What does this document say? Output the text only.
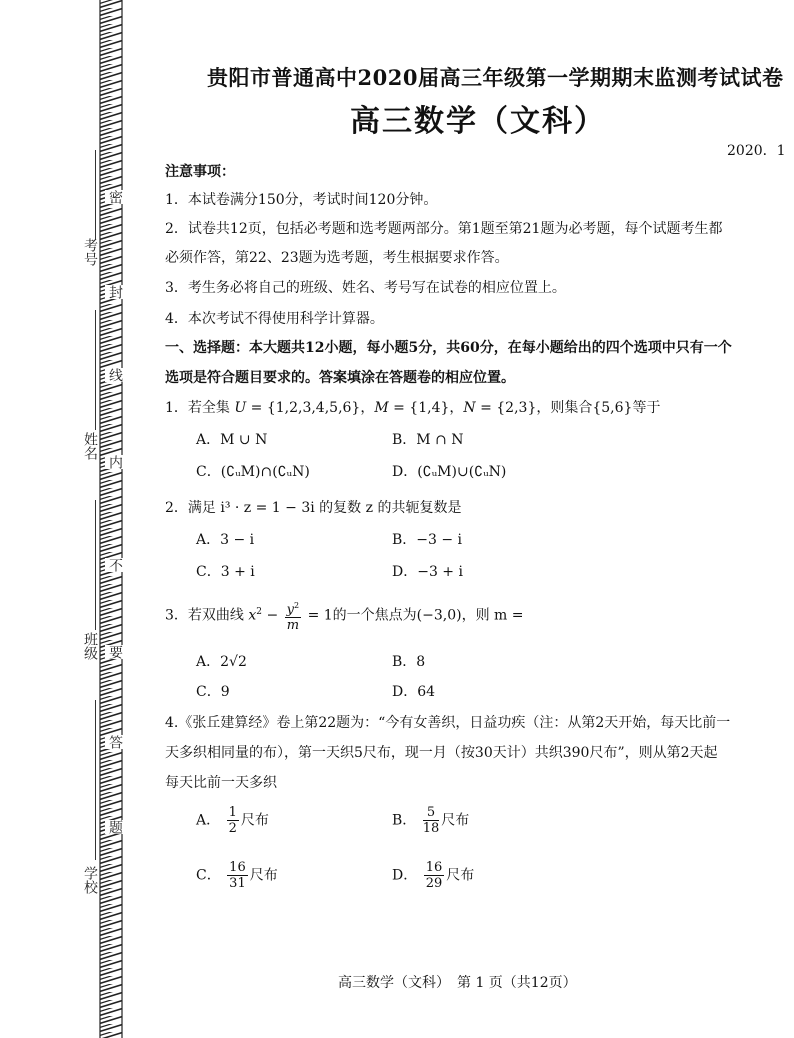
考号
姓名
班级
学校
密
封
线
内
不
要
答
题
贵阳市普通高中2020届高三年级第一学期期末监测考试试卷
高三数学（文科）
2020．1
注意事项：
1．本试卷满分150分，考试时间120分钟。
2．试卷共12页，包括必考题和选考题两部分。第1题至第21题为必考题，每个试题考生都
必须作答，第22、23题为选考题，考生根据要求作答。
3．考生务必将自己的班级、姓名、考号写在试卷的相应位置上。
4．本次考试不得使用科学计算器。
一、选择题：本大题共12小题，每小题5分，共60分，在每小题给出的四个选项中只有一个
选项是符合题目要求的。答案填涂在答题卷的相应位置。
1．若全集 U = {1,2,3,4,5,6}，M = {1,4}，N = {2,3}，则集合{5,6}等于
A．M ∪ N	B．M ∩ N
C．(∁ᵤM)∩(∁ᵤN)	D．(∁ᵤM)∪(∁ᵤN)
2．满足 i³ · z = 1 − 3i 的复数 z 的共轭复数是
A．3 − i	B．−3 − i
C．3 + i	D．−3 + i
3．若双曲线 $x^2 - \frac{y^2}{m} = 1$的一个焦点为(−3,0)，则 m =
A．2√2	B．8
C．9	D．64
4.《张丘建算经》卷上第22题为：“今有女善织，日益功疾（注：从第2天开始，每天比前一
天多织相同量的布），第一天织5尺布，现一月（按30天计）共织390尺布”，则从第2天起
每天比前一天多织
A． $\frac{1}{2}$ 尺布	B． $\frac{5}{18}$ 尺布
C． $\frac{16}{31}$ 尺布	D． $\frac{16}{29}$ 尺布
高三数学（文科）　第 1 页（共12页）
